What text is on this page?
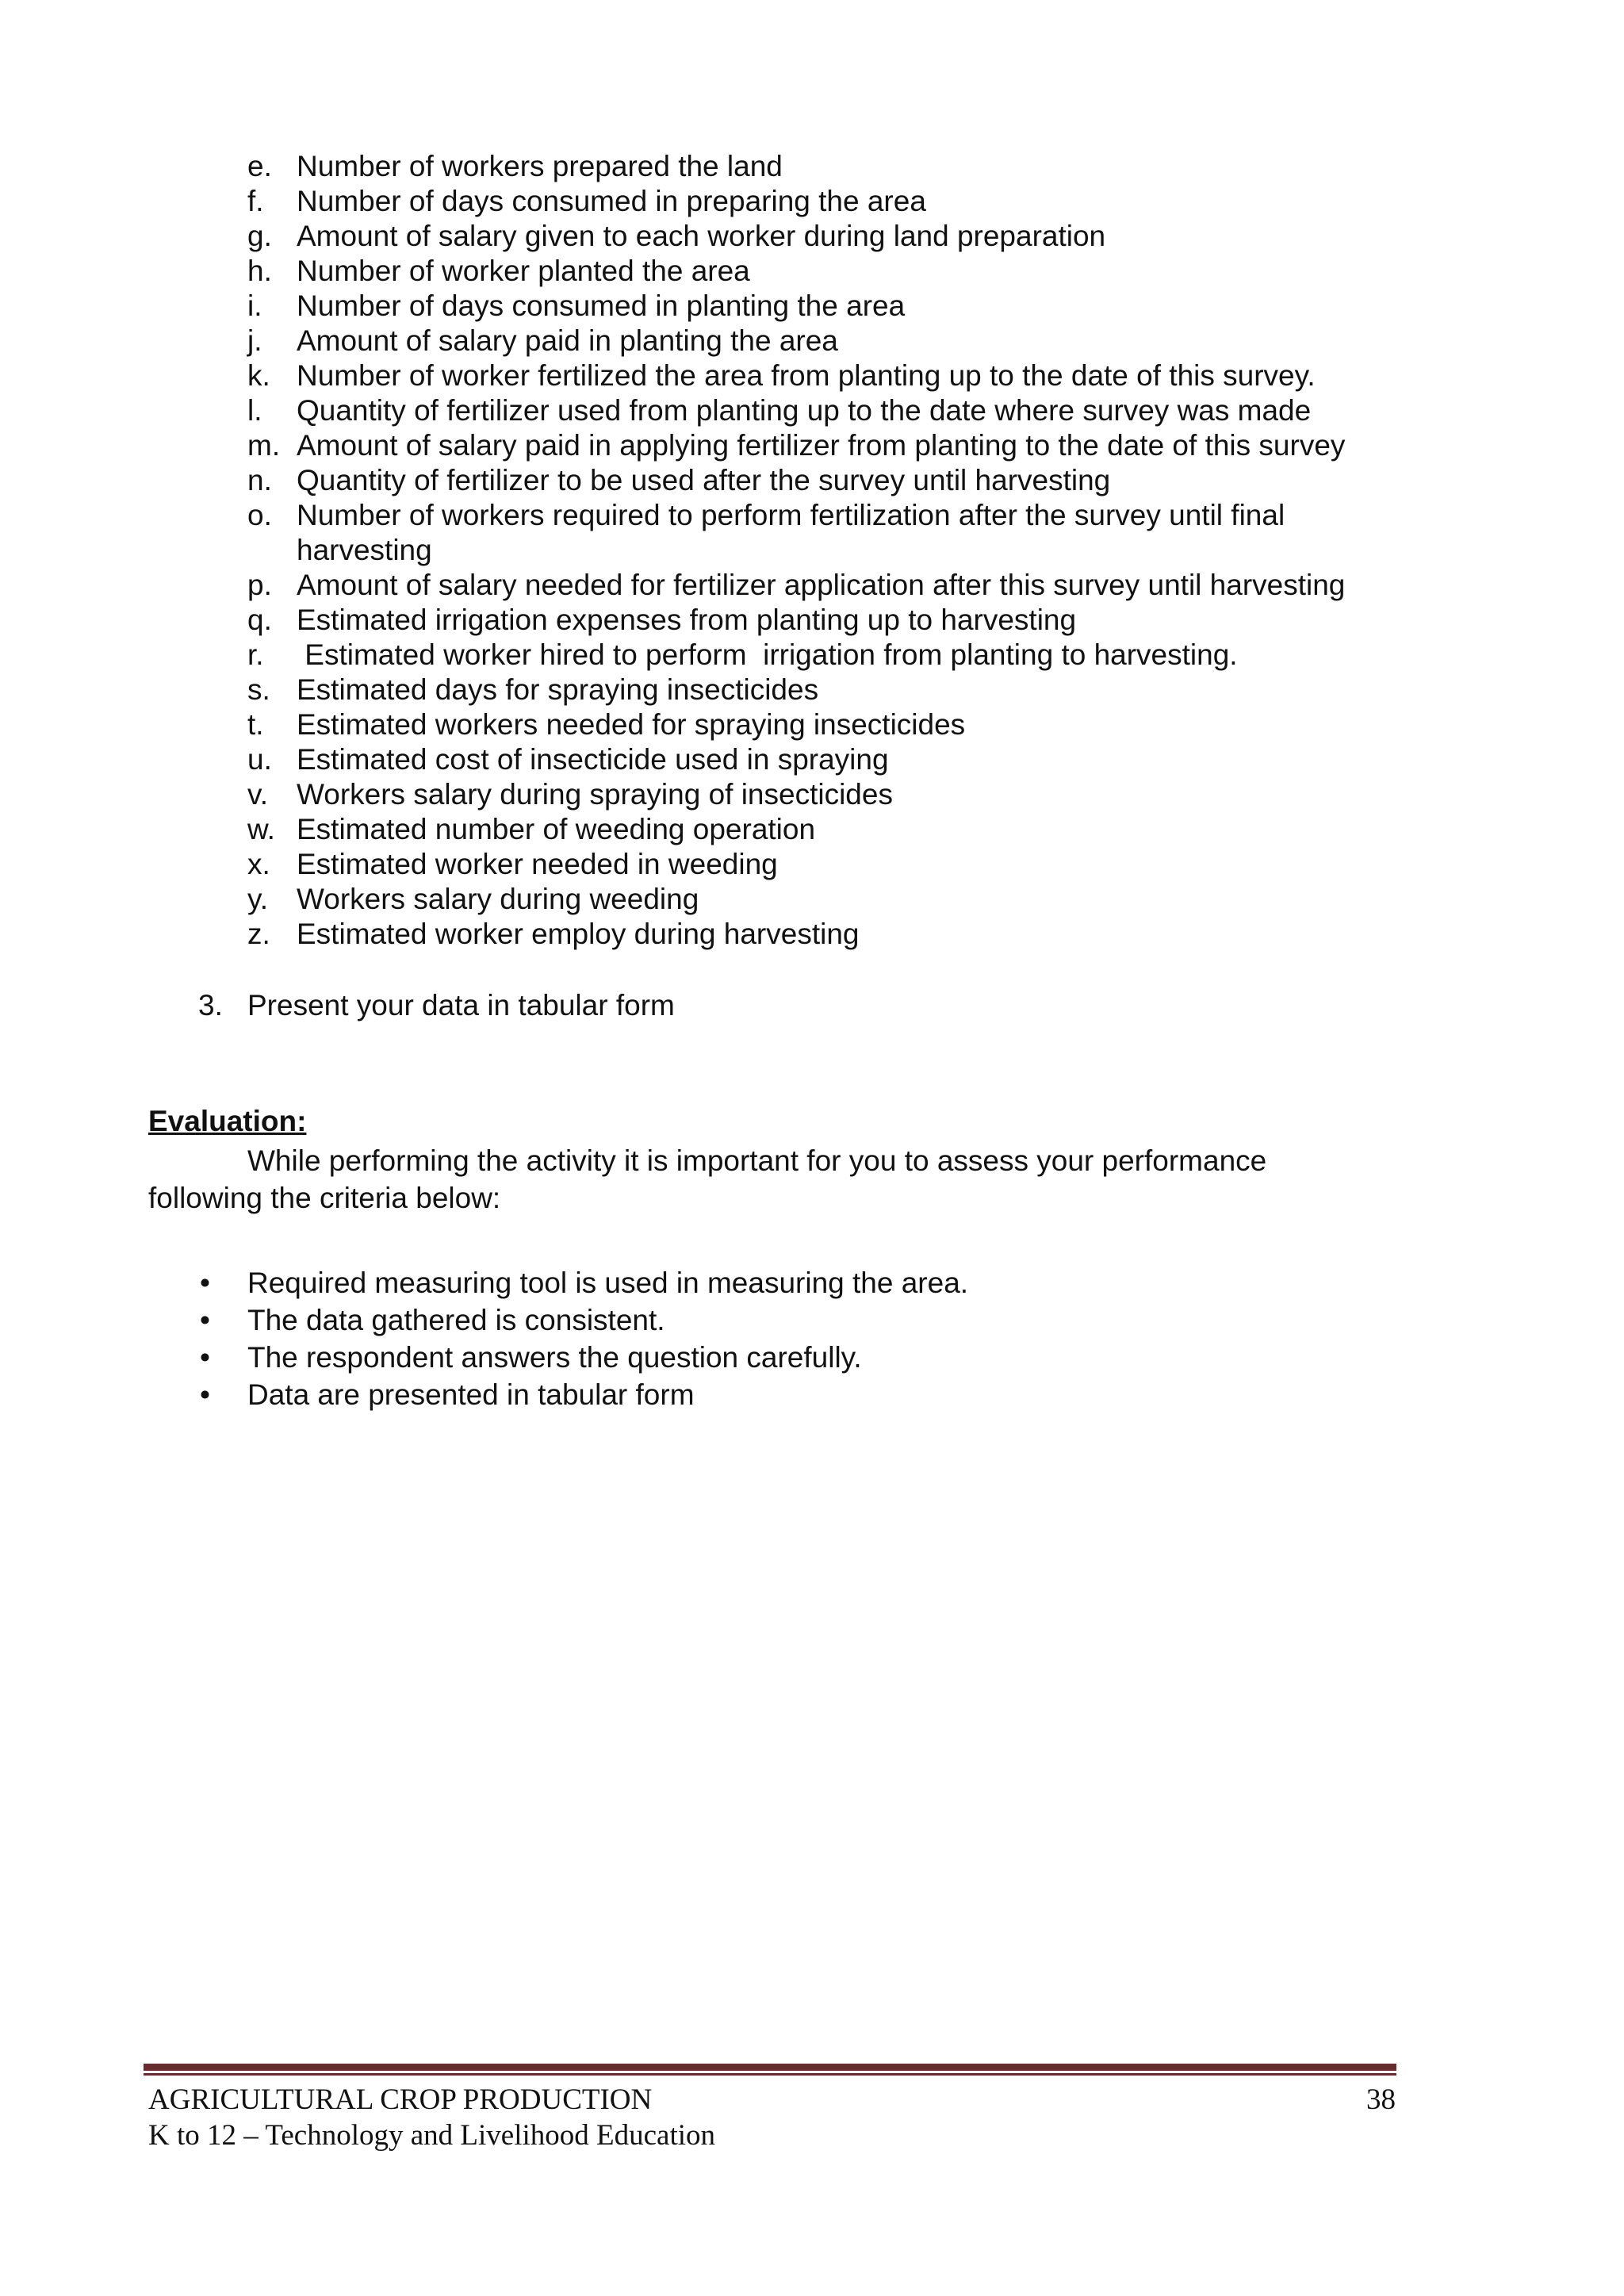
e. Number of workers prepared the land
f. Number of days consumed in preparing the area
g. Amount of salary given to each worker during land preparation
h. Number of worker planted the area
i. Number of days consumed in planting the area
j. Amount of salary paid in planting the area
k. Number of worker fertilized the area from planting up to the date of this survey.
l. Quantity of fertilizer used from planting up to the date where survey was made
m. Amount of salary paid in applying fertilizer from planting to the date of this survey
n. Quantity of fertilizer to be used after the survey until harvesting
o. Number of workers required to perform fertilization after the survey until final harvesting
p. Amount of salary needed for fertilizer application after this survey until harvesting
q. Estimated irrigation expenses from planting up to harvesting
r. Estimated worker hired to perform  irrigation from planting to harvesting.
s. Estimated days for spraying insecticides
t. Estimated workers needed for spraying insecticides
u. Estimated cost of insecticide used in spraying
v. Workers salary during spraying of insecticides
w. Estimated number of weeding operation
x. Estimated worker needed in weeding
y. Workers salary during weeding
z. Estimated worker employ during harvesting
3. Present your data in tabular form
Evaluation:

While performing the activity it is important for you to assess your performance following the criteria below:

• Required measuring tool is used in measuring the area.
• The data gathered is consistent.
• The respondent answers the question carefully.
• Data are presented in tabular form
AGRICULTURAL CROP PRODUCTION
K to 12 – Technology and Livelihood Education
38
